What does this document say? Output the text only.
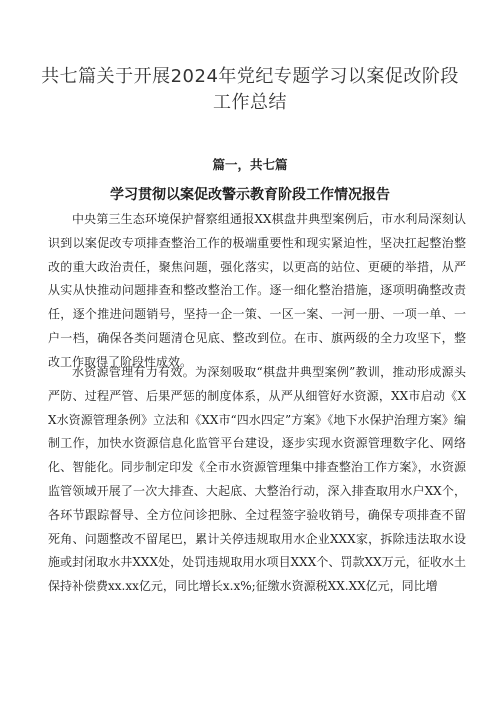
共七篇关于开展2024年党纪专题学习以案促改阶段
工作总结
篇一，共七篇
学习贯彻以案促改警示教育阶段工作情况报告

中央第三生态环境保护督察组通报XX棋盘井典型案例后，市水利局深刻认识到以案促改专项排查整治工作的极端重要性和现实紧迫性，坚决扛起整治整改的重大政治责任，聚焦问题，强化落实，以更高的站位、更硬的举措，从严从实从快推动问题排查和整改整治工作。逐一细化整治措施，逐项明确整改责任，逐个推进问题销号，坚持一企一策、一区一案、一河一册、一项一单、一户一档，确保各类问题清仓见底、整改到位。在市、旗两级的全力攻坚下，整改工作取得了阶段性成效。

水资源管理有力有效。为深刻吸取“棋盘井典型案例”教训，推动形成源头严防、过程严管、后果严惩的制度体系，从严从细管好水资源，XX市启动《XX水资源管理条例》立法和《XX市“四水四定”方案》《地下水保护治理方案》编制工作，加快水资源信息化监管平台建设，逐步实现水资源管理数字化、网络化、智能化。同步制定印发《全市水资源管理集中排查整治工作方案》，水资源监管领域开展了一次大排查、大起底、大整治行动，深入排查取用水户XX个，各环节跟踪督导、全方位问诊把脉、全过程签字验收销号，确保专项排查不留死角、问题整改不留尾巴，累计关停违规取用水企业XXX家，拆除违法取水设施或封闭取水井XXX处，处罚违规取用水项目XXX个、罚款XX万元，征收水土保持补偿费xx.xx亿元，同比增长x.x%;征缴水资源税XX.XX亿元，同比增
